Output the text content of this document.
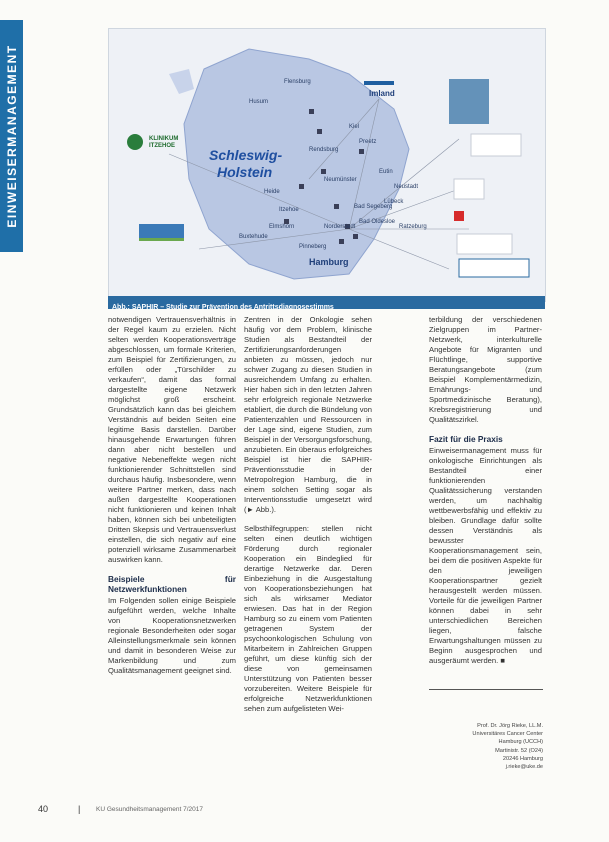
EINWEISERMANAGEMENT	KLINIKUM
ITZEHOE
Imland
Schleswig-
Holstein
Hamburg
Flensburg
Husum
Kiel
Rendsburg
Neumünster
Heide
Itzehoe
Pinneberg
Buxtehude
Lübeck
Bad Segeberg
Bad Oldesloe
Ratzeburg
Eutin
Norderstedt
Elmshorn
Neustadt
Preetz
Abb.: SAPHIR – Studie zur Prävention des Antrittsdiagnosestimms

notwendigen Vertrauensverhältnis in der Regel kaum zu erzielen. Nicht selten werden Kooperationsverträge abgeschlossen, um formale Kriterien, zum Beispiel für Zertifizierungen, zu erfüllen oder „Türschilder zu verkaufen“, damit das formal dargestellte eigene Netzwerk möglichst groß erscheint. Grundsätzlich kann das bei gleichem Verständnis auf beiden Seiten eine legitime Basis darstellen. Darüber hinausgehende Erwartungen führen dann aber nicht bestellen und negative Nebeneffekte wegen nicht funktionierender Schnittstellen sind durchaus häufig. Insbesondere, wenn weitere Partner merken, dass nach außen dargestellte Kooperationen nicht funktionieren und keinen Inhalt haben, können sich bei unbeteiligten Dritten Skepsis und Vertrauensverlust einstellen, die sich negativ auf eine potenziell wirksame Zusammenarbeit auswirken kann.

Beispiele für Netzwerkfunktionen

Im Folgenden sollen einige Beispiele aufgeführt werden, welche Inhalte von Kooperationsnetzwerken regionale Besonderheiten oder sogar Alleinstellungsmerkmale sein können und damit in besonderen Weise zur Markenbildung und zum Qualitätsmanagement geeignet sind.

Zentren in der Onkologie sehen häufig vor dem Problem, klinische Studien als Bestandteil der Zertifizierungsanforderungen anbieten zu müssen, jedoch nur schwer Zugang zu diesen Studien in ausreichendem Umfang zu erhalten. Hier haben sich in den letzten Jahren sehr erfolgreich regionale Netzwerke etabliert, die durch die Bündelung von Patientenzahlen und Ressourcen in der Lage sind, eigene Studien, zum Beispiel in der Versorgungsforschung, anzubieten. Ein überaus erfolgreiches Beispiel ist hier die SAPHIR-Präventionsstudie in der Metropolregion Hamburg, die in einem solchen Setting sogar als Interventionsstudie umgesetzt wird (► Abb.).

Selbsthilfegruppen: stellen nicht selten einen deutlich wichtigen Förderung durch regionaler Kooperation ein Bindeglied für derartige Netzwerke dar. Deren Einbeziehung in die Ausgestaltung von Kooperationsbeziehungen hat sich als wirksamer Mediator erwiesen. Das hat in der Region Hamburg so zu einem vom Patienten getragenen System der psychoonkologischen Schulung von Mitarbeitern in Zahlreichen Gruppen geführt, um diese künftig sich der diese von gemeinsamen Unterstützung von Patienten besser vorzubereiten. Weitere Beispiele für erfolgreiche Netzwerkfunktionen sehen zum aufgelisteten Wei-

terbildung der verschiedenen Zielgruppen im Partner-Netzwerk, interkulturelle Angebote für Migranten und Flüchtlinge, supportive Beratungsangebote (zum Beispiel Komplementärmedizin, Ernährungs- und Sportmedizinische Beratung), Krebsregistrierung und Qualitätszirkel.

Fazit für die Praxis

Einweisermanagement muss für onkologische Einrichtungen als Bestandteil einer funktionierenden Qualitätssicherung verstanden werden, um nachhaltig wettbewerbsfähig und effektiv zu bleiben. Grundlage dafür sollte dessen Verständnis als bewusster Kooperationsmanagement sein, bei dem die positiven Aspekte für den jeweiligen Kooperationspartner gezielt herausgestellt werden müssen. Vorteile für die jeweiligen Partner können dabei in sehr unterschiedlichen Bereichen liegen, falsche Erwartungshaltungen müssen zu Beginn ausgesprochen und ausgeräumt werden. ■

Prof. Dr. Jörg Rieke, LL.M.
Universitäres Cancer Center
Hamburg (UCCH)
Martinistr. 52 (O24)
20246 Hamburg
j.rieke@uke.de
40	| KU Gesundheitsmanagement 7/2017
